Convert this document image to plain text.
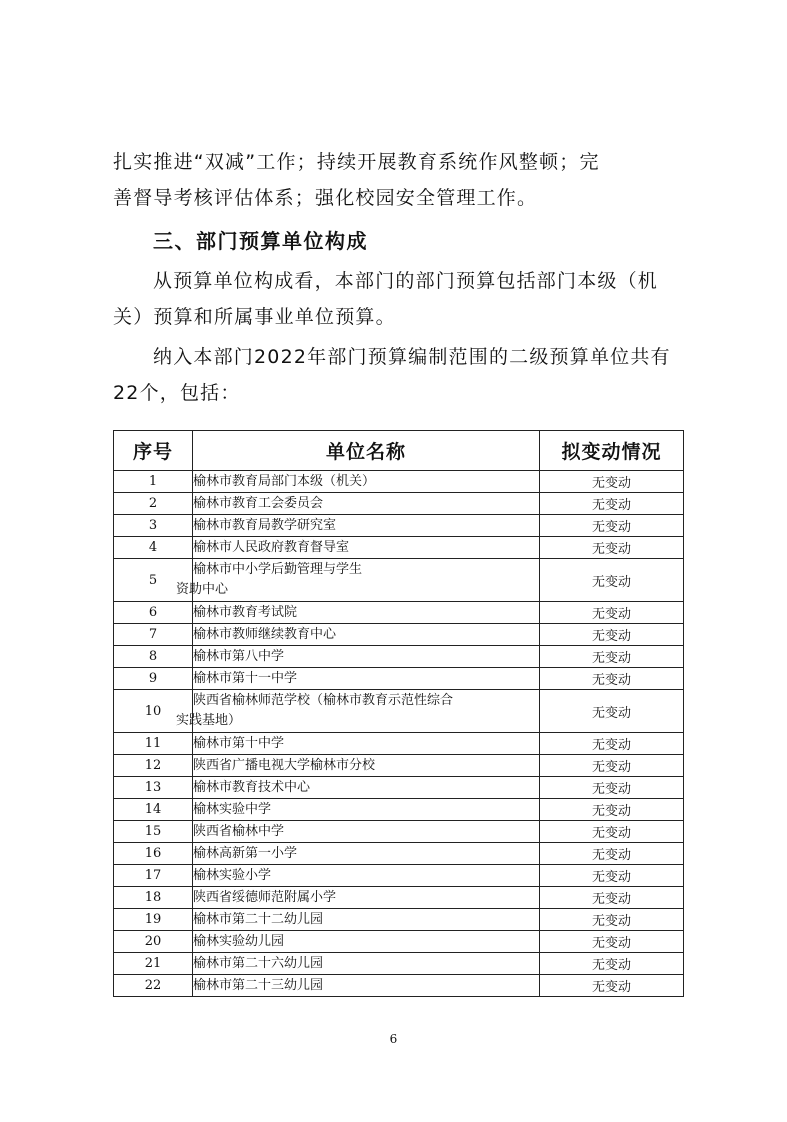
扎实推进“双减”工作；持续开展教育系统作风整顿；完

善督导考核评估体系；强化校园安全管理工作。

三、部门预算单位构成

从预算单位构成看，本部门的部门预算包括部门本级（机关）预算和所属事业单位预算。

纳入本部门2022年部门预算编制范围的二级预算单位共有22个，包括：

序号	单位名称	拟变动情况
1	榆林市教育局部门本级（机关）	无变动
2	榆林市教育工会委员会	无变动
3	榆林市教育局教学研究室	无变动
4	榆林市人民政府教育督导室	无变动
5	榆林市中小学后勤管理与学生
资助中心	无变动
6	榆林市教育考试院	无变动
7	榆林市教师继续教育中心	无变动
8	榆林市第八中学	无变动
9	榆林市第十一中学	无变动
10	陕西省榆林师范学校（榆林市教育示范性综合
实践基地）	无变动
11	榆林市第十中学	无变动
12	陕西省广播电视大学榆林市分校	无变动
13	榆林市教育技术中心	无变动
14	榆林实验中学	无变动
15	陕西省榆林中学	无变动
16	榆林高新第一小学	无变动
17	榆林实验小学	无变动
18	陕西省绥德师范附属小学	无变动
19	榆林市第二十二幼儿园	无变动
20	榆林实验幼儿园	无变动
21	榆林市第二十六幼儿园	无变动
22	榆林市第二十三幼儿园	无变动
6
